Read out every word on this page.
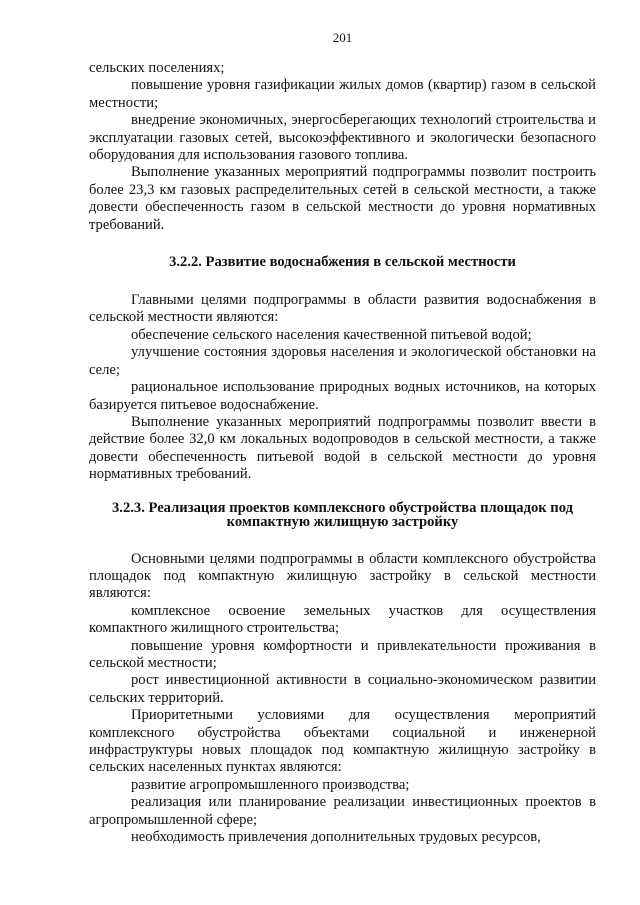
201

сельских поселениях;

повышение уровня газификации жилых домов (квартир) газом в сельской местности;

внедрение экономичных, энергосберегающих технологий строительства и эксплуатации газовых сетей, высокоэффективного и экологически безопасного оборудования для использования газового топлива.

Выполнение указанных мероприятий подпрограммы позволит построить более 23,3 км газовых распределительных сетей в сельской местности, а также довести обеспеченность газом в сельской местности до уровня нормативных требований.

3.2.2. Развитие водоснабжения в сельской местности

Главными целями подпрограммы в области развития водоснабжения в сельской местности являются:

обеспечение сельского населения качественной питьевой водой;

улучшение состояния здоровья населения и экологической обстановки на селе;

рациональное использование природных водных источников, на которых базируется питьевое водоснабжение.

Выполнение указанных мероприятий подпрограммы позволит ввести в действие более 32,0 км локальных водопроводов в сельской местности, а также довести обеспеченность питьевой водой в сельской местности до уровня нормативных требований.

3.2.3. Реализация проектов комплексного обустройства площадок под
компактную жилищную застройку

Основными целями подпрограммы в области комплексного обустройства площадок под компактную жилищную застройку в сельской местности являются:

комплексное освоение земельных участков для осуществления компактного жилищного строительства;

повышение уровня комфортности и привлекательности проживания в сельской местности;

рост инвестиционной активности в социально-экономическом развитии сельских территорий.

Приоритетными условиями для осуществления мероприятий комплексного обустройства объектами социальной и инженерной инфраструктуры новых площадок под компактную жилищную застройку в сельских населенных пунктах являются:

развитие агропромышленного производства;

реализация или планирование реализации инвестиционных проектов в агропромышленной сфере;

необходимость привлечения дополнительных трудовых ресурсов,
